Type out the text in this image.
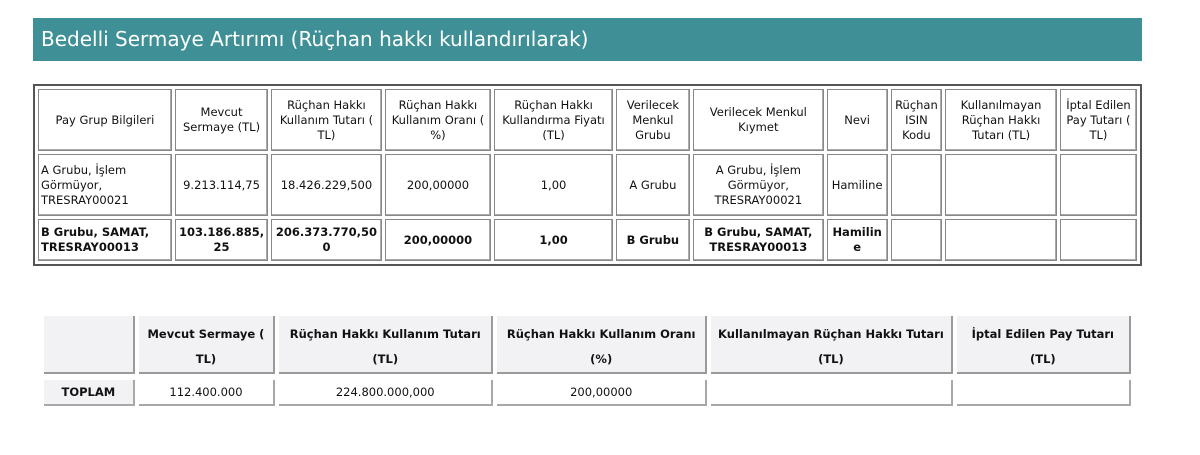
Bedelli Sermaye Artırımı (Rüçhan hakkı kullandırılarak)
Pay Grup Bilgileri	Mevcut Sermaye (TL)	Rüçhan Hakkı Kullanım Tutarı ( TL)	Rüçhan Hakkı Kullanım Oranı ( %)	Rüçhan Hakkı Kullandırma Fiyatı (TL)	Verilecek Menkul Grubu	Verilecek Menkul Kıymet	Nevi	Rüçhan ISIN Kodu	Kullanılmayan Rüçhan Hakkı Tutarı (TL)	İptal Edilen Pay Tutarı ( TL)
A Grubu, İşlem Görmüyor, TRESRAY00021	9.213.114,75	18.426.229,500	200,00000	1,00	A Grubu	A Grubu, İşlem Görmüyor, TRESRAY00021	Hamiline			
B Grubu, SAMAT, TRESRAY00013	103.186.885,25	206.373.770,500	200,00000	1,00	B Grubu	B Grubu, SAMAT, TRESRAY00013	Hamiline			
	Mevcut Sermaye ( TL)	Rüçhan Hakkı Kullanım Tutarı (TL)	Rüçhan Hakkı Kullanım Oranı (%)	Kullanılmayan Rüçhan Hakkı Tutarı (TL)	İptal Edilen Pay Tutarı (TL)
TOPLAM	112.400.000	224.800.000,000	200,00000		
